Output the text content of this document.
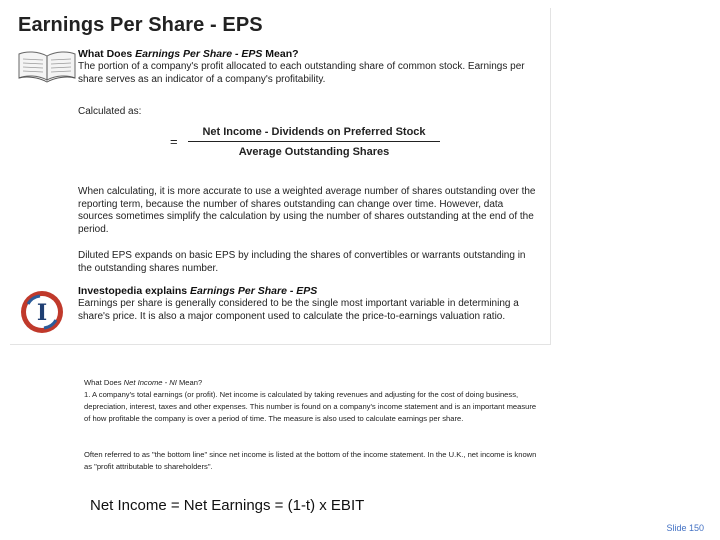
Earnings Per Share - EPS
What Does Earnings Per Share - EPS Mean?
The portion of a company's profit allocated to each outstanding share of common stock. Earnings per share serves as an indicator of a company's profitability.
Calculated as:
=
Net Income - Dividends on Preferred Stock
Average Outstanding Shares
When calculating, it is more accurate to use a weighted average number of shares outstanding over the reporting term, because the number of shares outstanding can change over time. However, data sources sometimes simplify the calculation by using the number of shares outstanding at the end of the period.
Diluted EPS expands on basic EPS by including the shares of convertibles or warrants outstanding in the outstanding shares number.
I
Investopedia explains Earnings Per Share - EPS
Earnings per share is generally considered to be the single most important variable in determining a share's price. It is also a major component used to calculate the price-to-earnings valuation ratio.
What Does Net Income - NI Mean?
1. A company's total earnings (or profit). Net income is calculated by taking revenues and adjusting for the cost of doing business, depreciation, interest, taxes and other expenses. This number is found on a company's income statement and is an important measure of how profitable the company is over a period of time. The measure is also used to calculate earnings per share.
Often referred to as "the bottom line" since net income is listed at the bottom of the income statement. In the U.K., net income is known as "profit attributable to shareholders".
Net Income = Net Earnings = (1-t) x EBIT
Slide 150
